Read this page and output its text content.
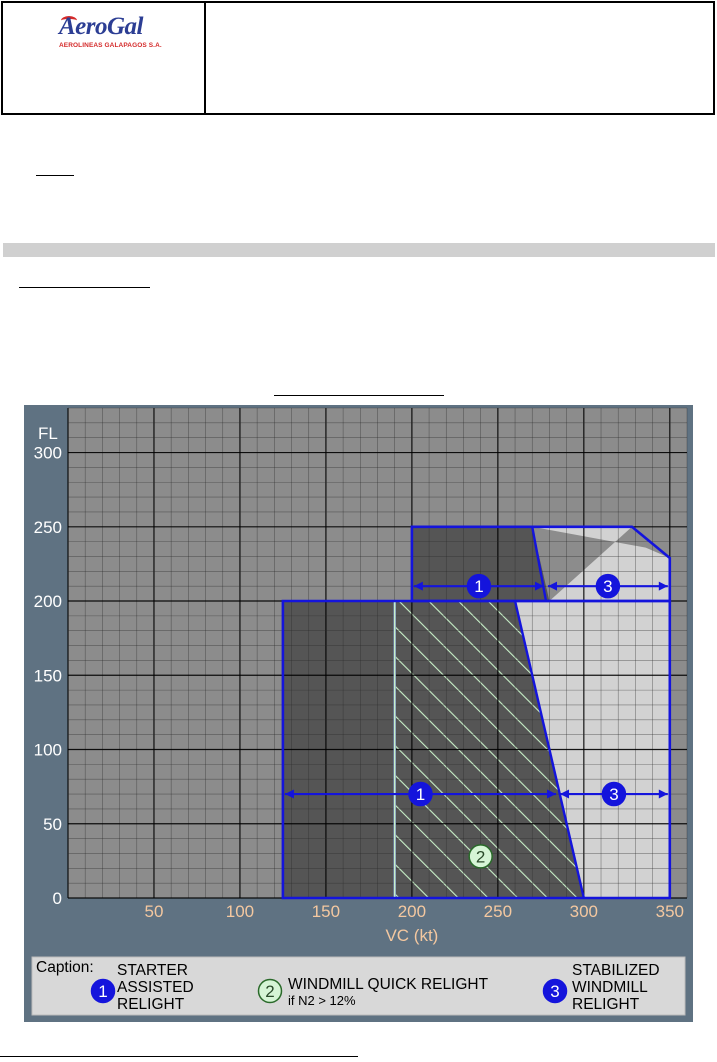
AeroGal
AEROLINEAS GALAPAGOS S.A.
1	3
1	3
2
0
50
100
150
200
250
300
50	100	150	200	250	300	350
FL
VC (kt)
Caption:
1
STARTER
ASSISTED
RELIGHT
2 WINDMILL QUICK RELIGHT
if N2 > 12%	3
STABILIZED
WINDMILL
RELIGHT
